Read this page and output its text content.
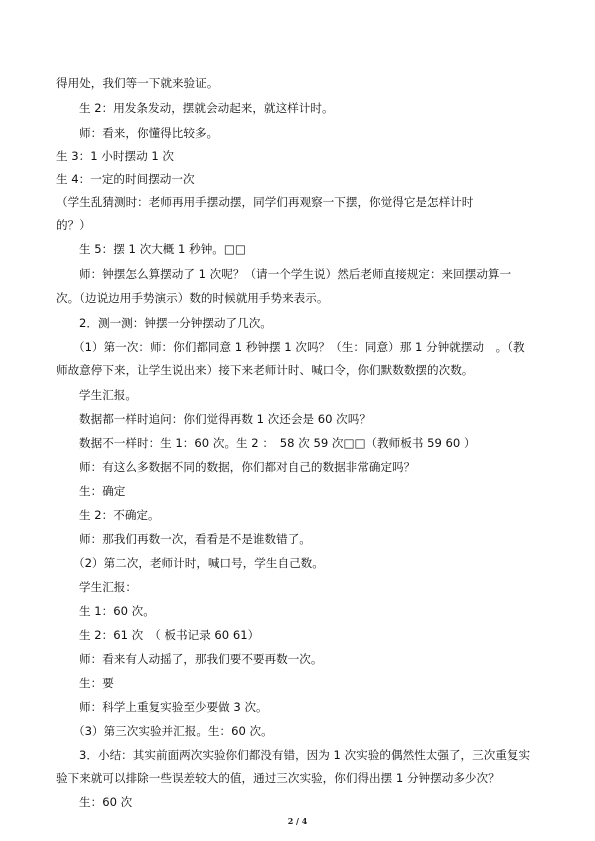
得用处，我们等一下就来验证。
生 2：用发条发动，摆就会动起来，就这样计时。
师：看来，你懂得比较多。
生 3：1 小时摆动 1 次
生 4：一定的时间摆动一次
（学生乱猜测时：老师再用手摆动摆，同学们再观察一下摆，你觉得它是怎样计时
的？）
生 5：摆 1 次大概 1 秒钟。□□
师：钟摆怎么算摆动了 1 次呢？（请一个学生说）然后老师直接规定：来回摆动算一
次。（边说边用手势演示）数的时候就用手势来表示。
2．测一测：钟摆一分钟摆动了几次。
（1）第一次：师：你们都同意 1 秒钟摆 1 次吗？（生：同意）那 1 分钟就摆动　。（教
师故意停下来，让学生说出来）接下来老师计时、喊口令，你们默数数摆的次数。
学生汇报。
数据都一样时追问：你们觉得再数 1 次还会是 60 次吗？
数据不一样时：生 1：60 次。生 2 ：　58 次 59 次□□（教师板书 59 60 ）
师：有这么多数据不同的数据，你们都对自己的数据非常确定吗？
生：确定
生 2：不确定。
师：那我们再数一次，看看是不是谁数错了。
（2）第二次，老师计时，喊口号，学生自己数。
学生汇报：
生 1：60 次。
生 2：61 次　（ 板书记录 60 61）
师：看来有人动摇了，那我们要不要再数一次。
生：要
师：科学上重复实验至少要做 3 次。
（3）第三次实验并汇报。生：60 次。
3．小结：其实前面两次实验你们都没有错，因为 1 次实验的偶然性太强了，三次重复实
验下来就可以排除一些误差较大的值，通过三次实验，你们得出摆 1 分钟摆动多少次？
生：60 次
2 / 4
